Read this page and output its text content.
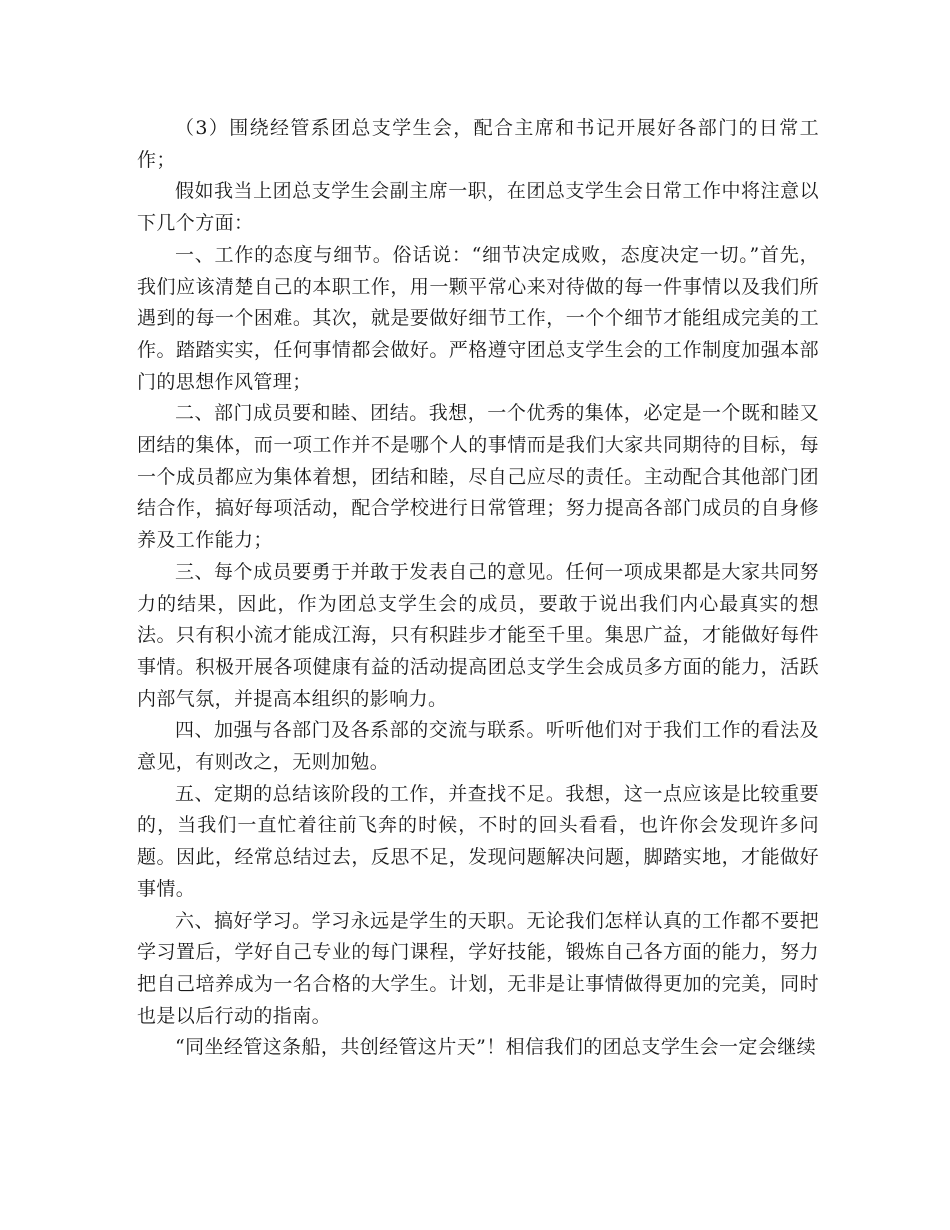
（3）围绕经管系团总支学生会，配合主席和书记开展好各部门的日常工作；

假如我当上团总支学生会副主席一职，在团总支学生会日常工作中将注意以下几个方面：

一、工作的态度与细节。俗话说：“细节决定成败，态度决定一切。”首先，我们应该清楚自己的本职工作，用一颗平常心来对待做的每一件事情以及我们所遇到的每一个困难。其次，就是要做好细节工作，一个个细节才能组成完美的工作。踏踏实实，任何事情都会做好。严格遵守团总支学生会的工作制度加强本部门的思想作风管理；

二、部门成员要和睦、团结。我想，一个优秀的集体，必定是一个既和睦又团结的集体，而一项工作并不是哪个人的事情而是我们大家共同期待的目标，每一个成员都应为集体着想，团结和睦，尽自己应尽的责任。主动配合其他部门团结合作，搞好每项活动，配合学校进行日常管理；努力提高各部门成员的自身修养及工作能力；

三、每个成员要勇于并敢于发表自己的意见。任何一项成果都是大家共同努力的结果，因此，作为团总支学生会的成员，要敢于说出我们内心最真实的想法。只有积小流才能成江海，只有积跬步才能至千里。集思广益，才能做好每件事情。积极开展各项健康有益的活动提高团总支学生会成员多方面的能力，活跃内部气氛，并提高本组织的影响力。

四、加强与各部门及各系部的交流与联系。听听他们对于我们工作的看法及意见，有则改之，无则加勉。

五、定期的总结该阶段的工作，并查找不足。我想，这一点应该是比较重要的，当我们一直忙着往前飞奔的时候，不时的回头看看，也许你会发现许多问题。因此，经常总结过去，反思不足，发现问题解决问题，脚踏实地，才能做好事情。

六、搞好学习。学习永远是学生的天职。无论我们怎样认真的工作都不要把学习置后，学好自己专业的每门课程，学好技能，锻炼自己各方面的能力，努力把自己培养成为一名合格的大学生。计划，无非是让事情做得更加的完美，同时也是以后行动的指南。

“同坐经管这条船，共创经管这片天”！相信我们的团总支学生会一定会继续
